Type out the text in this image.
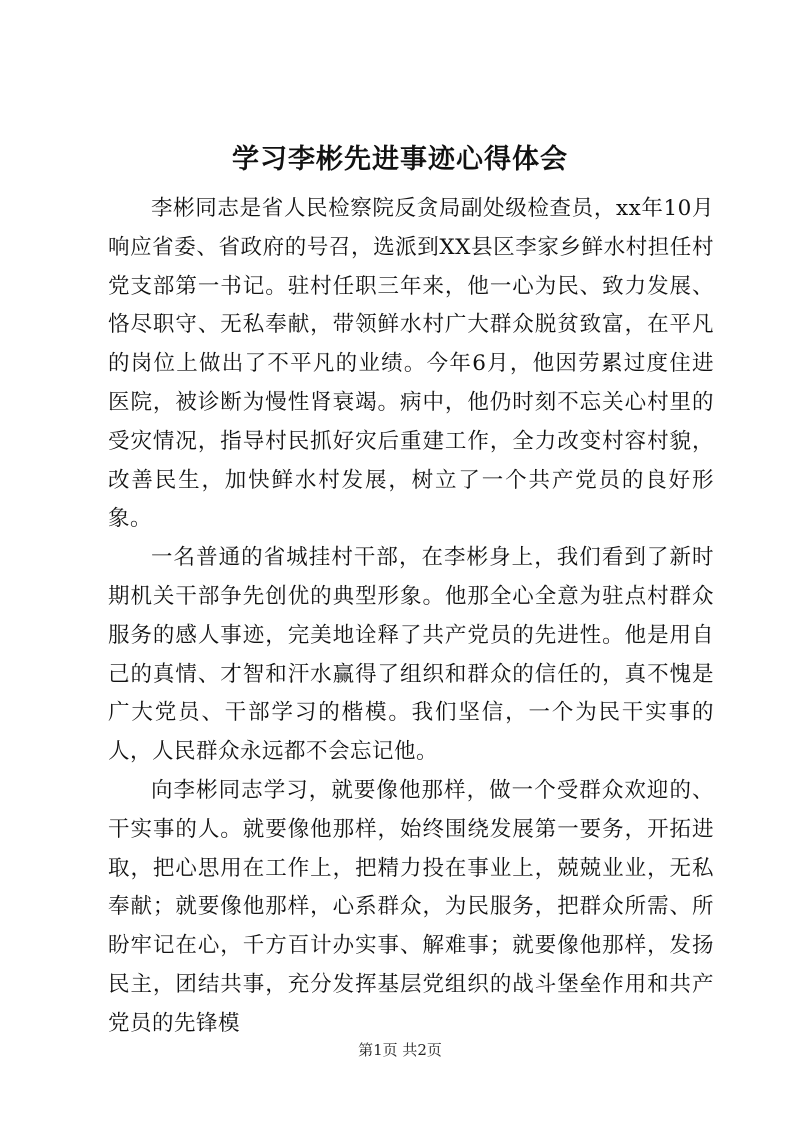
学习李彬先进事迹心得体会

李彬同志是省人民检察院反贪局副处级检查员，xx年10月响应省委、省政府的号召，选派到XX县区李家乡鲜水村担任村党支部第一书记。驻村任职三年来，他一心为民、致力发展、恪尽职守、无私奉献，带领鲜水村广大群众脱贫致富，在平凡的岗位上做出了不平凡的业绩。今年6月，他因劳累过度住进医院，被诊断为慢性肾衰竭。病中，他仍时刻不忘关心村里的受灾情况，指导村民抓好灾后重建工作，全力改变村容村貌，改善民生，加快鲜水村发展，树立了一个共产党员的良好形象。

一名普通的省城挂村干部，在李彬身上，我们看到了新时期机关干部争先创优的典型形象。他那全心全意为驻点村群众服务的感人事迹，完美地诠释了共产党员的先进性。他是用自己的真情、才智和汗水赢得了组织和群众的信任的，真不愧是广大党员、干部学习的楷模。我们坚信，一个为民干实事的人，人民群众永远都不会忘记他。

向李彬同志学习，就要像他那样，做一个受群众欢迎的、干实事的人。就要像他那样，始终围绕发展第一要务，开拓进取，把心思用在工作上，把精力投在事业上，兢兢业业，无私奉献；就要像他那样，心系群众，为民服务，把群众所需、所盼牢记在心，千方百计办实事、解难事；就要像他那样，发扬民主，团结共事，充分发挥基层党组织的战斗堡垒作用和共产党员的先锋模

第1页 共2页
